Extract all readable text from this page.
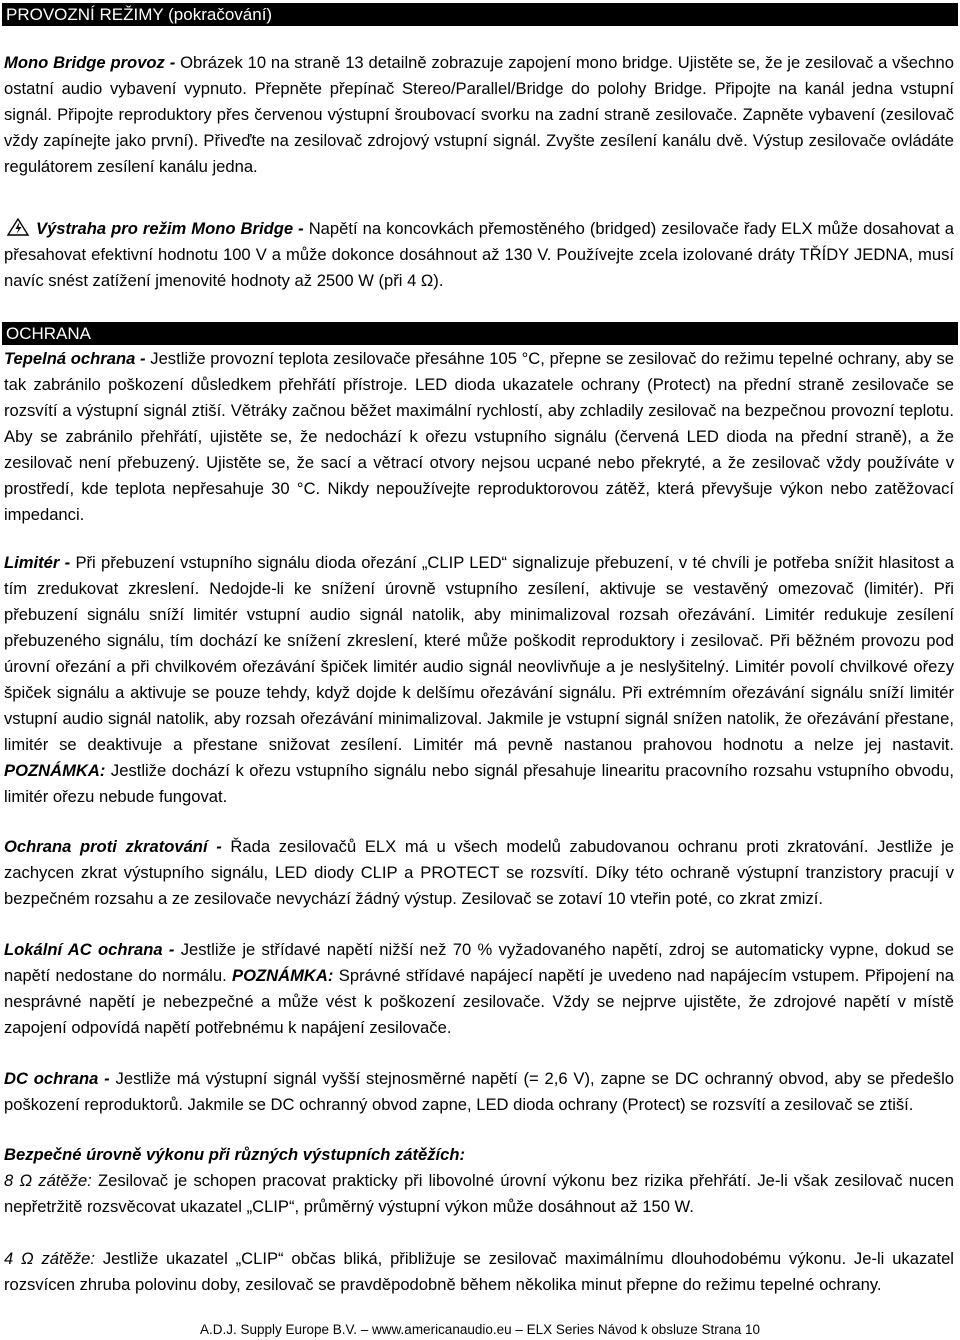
PROVOZNÍ REŽIMY (pokračování)

Mono Bridge provoz - Obrázek 10 na straně 13 detailně zobrazuje zapojení mono bridge. Ujistěte se, že je zesilovač a všechno ostatní audio vybavení vypnuto. Přepněte přepínač Stereo/Parallel/Bridge do polohy Bridge. Připojte na kanál jedna vstupní signál. Připojte reproduktory přes červenou výstupní šroubovací svorku na zadní straně zesilovače. Zapněte vybavení (zesilovač vždy zapínejte jako první). Přiveďte na zesilovač zdrojový vstupní signál. Zvyšte zesílení kanálu dvě. Výstup zesilovače ovládáte regulátorem zesílení kanálu jedna.

Výstraha pro režim Mono Bridge - Napětí na koncovkách přemostěného (bridged) zesilovače řady ELX může dosahovat a přesahovat efektivní hodnotu 100 V a může dokonce dosáhnout až 130 V. Používejte zcela izolované dráty TŘÍDY JEDNA, musí navíc snést zatížení jmenovité hodnoty až 2500 W (při 4 Ω).

OCHRANA

Tepelná ochrana - Jestliže provozní teplota zesilovače přesáhne 105 °C, přepne se zesilovač do režimu tepelné ochrany, aby se tak zabránilo poškození důsledkem přehřátí přístroje. LED dioda ukazatele ochrany (Protect) na přední straně zesilovače se rozsvítí a výstupní signál ztiší. Větráky začnou běžet maximální rychlostí, aby zchladily zesilovač na bezpečnou provozní teplotu. Aby se zabránilo přehřátí, ujistěte se, že nedochází k ořezu vstupního signálu (červená LED dioda na přední straně), a že zesilovač není přebuzený. Ujistěte se, že sací a větrací otvory nejsou ucpané nebo překryté, a že zesilovač vždy používáte v prostředí, kde teplota nepřesahuje 30 °C. Nikdy nepoužívejte reproduktorovou zátěž, která převyšuje výkon nebo zatěžovací impedanci.

Limitér - Při přebuzení vstupního signálu dioda ořezání „CLIP LED“ signalizuje přebuzení, v té chvíli je potřeba snížit hlasitost a tím zredukovat zkreslení. Nedojde-li ke snížení úrovně vstupního zesílení, aktivuje se vestavěný omezovač (limitér). Při přebuzení signálu sníží limitér vstupní audio signál natolik, aby minimalizoval rozsah ořezávání. Limitér redukuje zesílení přebuzeného signálu, tím dochází ke snížení zkreslení, které může poškodit reproduktory i zesilovač. Při běžném provozu pod úrovní ořezání a při chvilkovém ořezávání špiček limitér audio signál neovlivňuje a je neslyšitelný. Limitér povolí chvilkové ořezy špiček signálu a aktivuje se pouze tehdy, když dojde k delšímu ořezávání signálu. Při extrémním ořezávání signálu sníží limitér vstupní audio signál natolik, aby rozsah ořezávání minimalizoval. Jakmile je vstupní signál snížen natolik, že ořezávání přestane, limitér se deaktivuje a přestane snižovat zesílení. Limitér má pevně nastanou prahovou hodnotu a nelze jej nastavit. POZNÁMKA: Jestliže dochází k ořezu vstupního signálu nebo signál přesahuje linearitu pracovního rozsahu vstupního obvodu, limitér ořezu nebude fungovat.

Ochrana proti zkratování - Řada zesilovačů ELX má u všech modelů zabudovanou ochranu proti zkratování. Jestliže je zachycen zkrat výstupního signálu, LED diody CLIP a PROTECT se rozsvítí. Díky této ochraně výstupní tranzistory pracují v bezpečném rozsahu a ze zesilovače nevychází žádný výstup. Zesilovač se zotaví 10 vteřin poté, co zkrat zmizí.

Lokální AC ochrana - Jestliže je střídavé napětí nižší než 70 % vyžadovaného napětí, zdroj se automaticky vypne, dokud se napětí nedostane do normálu. POZNÁMKA: Správné střídavé napájecí napětí je uvedeno nad napájecím vstupem. Připojení na nesprávné napětí je nebezpečné a může vést k poškození zesilovače. Vždy se nejprve ujistěte, že zdrojové napětí v místě zapojení odpovídá napětí potřebnému k napájení zesilovače.

DC ochrana - Jestliže má výstupní signál vyšší stejnosměrné napětí (= 2,6 V), zapne se DC ochranný obvod, aby se předešlo poškození reproduktorů. Jakmile se DC ochranný obvod zapne, LED dioda ochrany (Protect) se rozsvítí a zesilovač se ztiší.

Bezpečné úrovně výkonu při různých výstupních zátěžích:

8 Ω zátěže: Zesilovač je schopen pracovat prakticky při libovolné úrovní výkonu bez rizika přehřátí. Je-li však zesilovač nucen nepřetržitě rozsvěcovat ukazatel „CLIP“, průměrný výstupní výkon může dosáhnout až 150 W.

4 Ω zátěže: Jestliže ukazatel „CLIP“ občas bliká, přibližuje se zesilovač maximálnímu dlouhodobému výkonu. Je-li ukazatel rozsvícen zhruba polovinu doby, zesilovač se pravděpodobně během několika minut přepne do režimu tepelné ochrany.

A.D.J. Supply Europe B.V. – www.americanaudio.eu – ELX Series Návod k obsluze Strana 10
